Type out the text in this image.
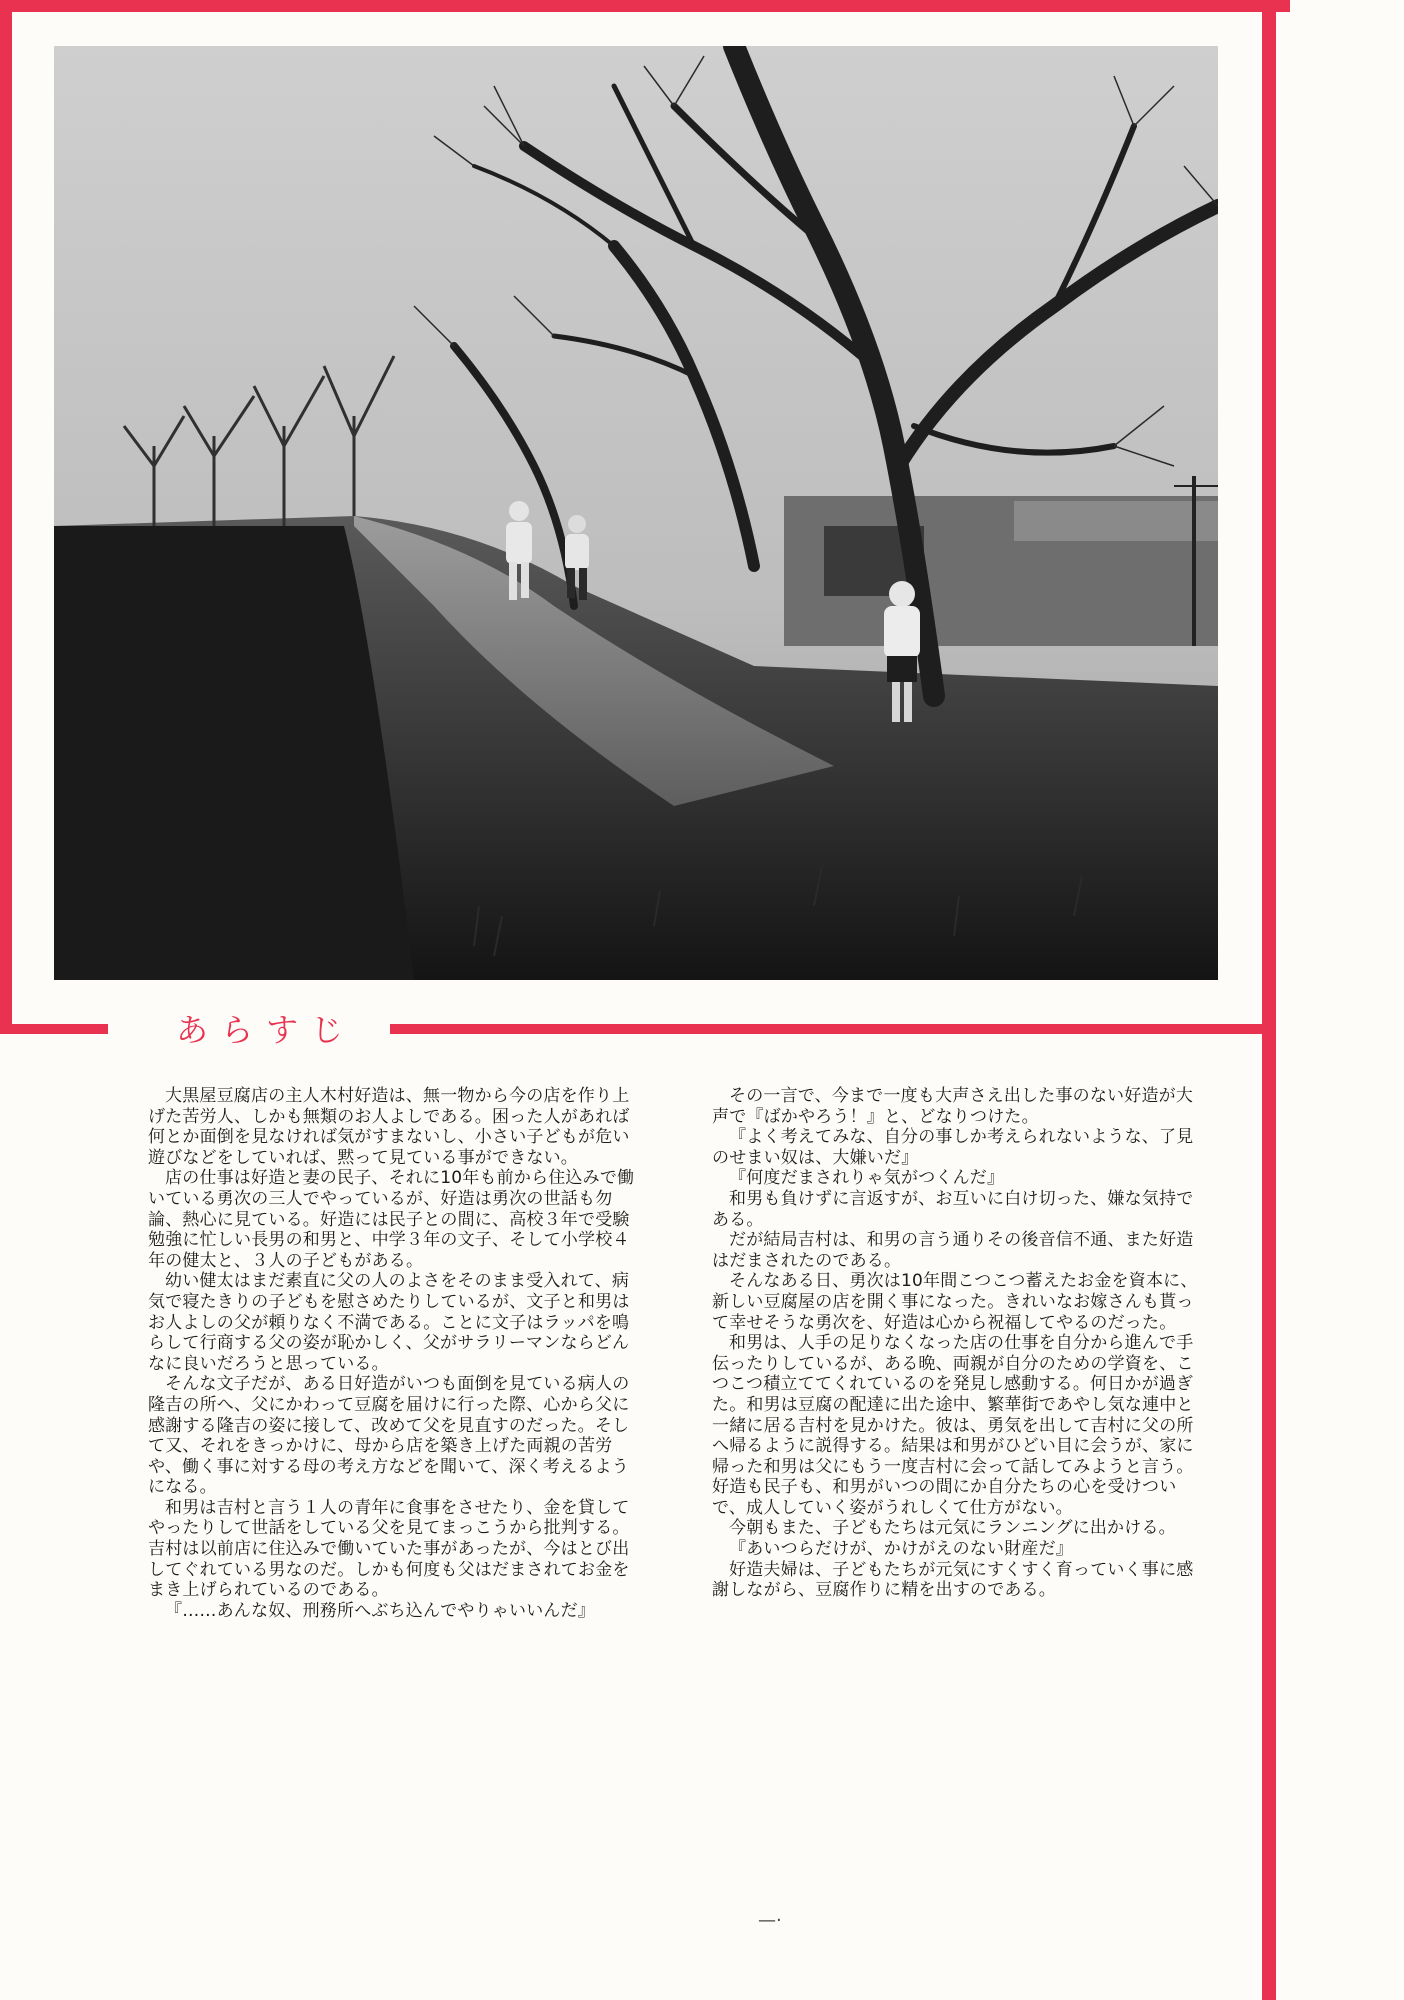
あらすじ

大黒屋豆腐店の主人木村好造は、無一物から今の店を作り上げた苦労人、しかも無類のお人よしである。困った人があれば何とか面倒を見なければ気がすまないし、小さい子どもが危い遊びなどをしていれば、黙って見ている事ができない。

店の仕事は好造と妻の民子、それに10年も前から住込みで働いている勇次の三人でやっているが、好造は勇次の世話も勿論、熱心に見ている。好造には民子との間に、高校３年で受験勉強に忙しい長男の和男と、中学３年の文子、そして小学校４年の健太と、３人の子どもがある。

幼い健太はまだ素直に父の人のよさをそのまま受入れて、病気で寝たきりの子どもを慰さめたりしているが、文子と和男はお人よしの父が頼りなく不満である。ことに文子はラッパを鳴らして行商する父の姿が恥かしく、父がサラリーマンならどんなに良いだろうと思っている。

そんな文子だが、ある日好造がいつも面倒を見ている病人の隆吉の所へ、父にかわって豆腐を届けに行った際、心から父に感謝する隆吉の姿に接して、改めて父を見直すのだった。そして又、それをきっかけに、母から店を築き上げた両親の苦労や、働く事に対する母の考え方などを聞いて、深く考えるようになる。

和男は吉村と言う１人の青年に食事をさせたり、金を貸してやったりして世話をしている父を見てまっこうから批判する。吉村は以前店に住込みで働いていた事があったが、今はとび出してぐれている男なのだ。しかも何度も父はだまされてお金をまき上げられているのである。

『……あんな奴、刑務所へぶち込んでやりゃいいんだ』

その一言で、今まで一度も大声さえ出した事のない好造が大声で『ばかやろう！』と、どなりつけた。

『よく考えてみな、自分の事しか考えられないような、了見のせまい奴は、大嫌いだ』

『何度だまされりゃ気がつくんだ』

和男も負けずに言返すが、お互いに白け切った、嫌な気持である。

だが結局吉村は、和男の言う通りその後音信不通、また好造はだまされたのである。

そんなある日、勇次は10年間こつこつ蓄えたお金を資本に、新しい豆腐屋の店を開く事になった。きれいなお嫁さんも貰って幸せそうな勇次を、好造は心から祝福してやるのだった。

和男は、人手の足りなくなった店の仕事を自分から進んで手伝ったりしているが、ある晩、両親が自分のための学資を、こつこつ積立ててくれているのを発見し感動する。何日かが過ぎた。和男は豆腐の配達に出た途中、繁華街であやし気な連中と一緒に居る吉村を見かけた。彼は、勇気を出して吉村に父の所へ帰るように説得する。結果は和男がひどい目に会うが、家に帰った和男は父にもう一度吉村に会って話してみようと言う。好造も民子も、和男がいつの間にか自分たちの心を受けついで、成人していく姿がうれしくて仕方がない。

今朝もまた、子どもたちは元気にランニングに出かける。

『あいつらだけが、かけがえのない財産だ』

好造夫婦は、子どもたちが元気にすくすく育っていく事に感謝しながら、豆腐作りに精を出すのである。

—·
